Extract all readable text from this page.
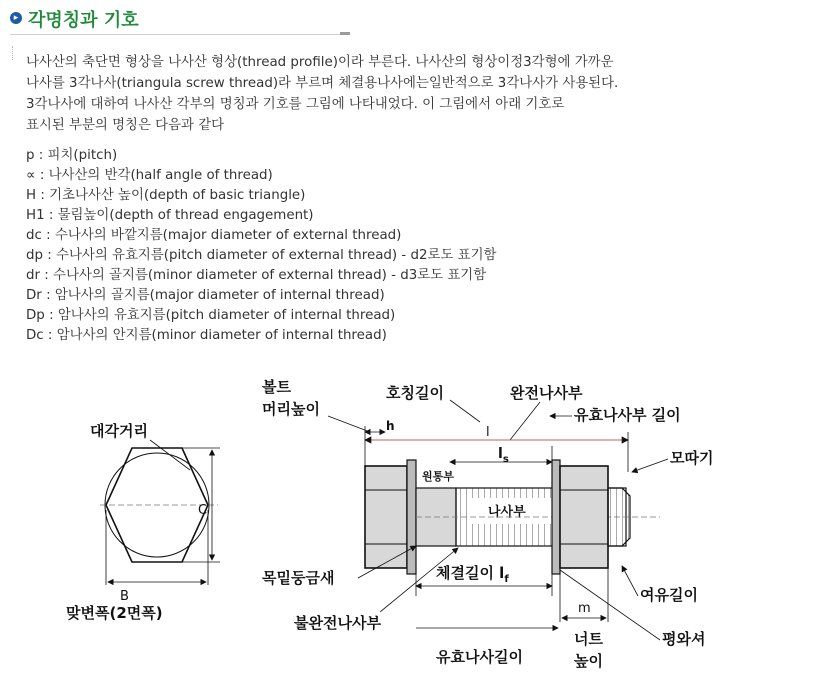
▸ 각명칭과 기호

나사산의 축단면 형상을 나사산 형상(thread profile)이라 부른다. 나사산의 형상이정3각형에 가까운

나사를 3각나사(triangula screw thread)라 부르며 체결용나사에는일반적으로 3각나사가 사용된다.

3각나사에 대하여 나사산 각부의 명칭과 기호를 그림에 나타내었다. 이 그림에서 아래 기호로

표시된 부분의 명칭은 다음과 같다

p : 피치(pitch)
∝ : 나사산의 반각(half angle of thread)
H : 기초나사산 높이(depth of basic triangle)
H1 : 물림높이(depth of thread engagement)
dc : 수나사의 바깥지름(major diameter of external thread)
dp : 수나사의 유효지름(pitch diameter of external thread) - d2로도 표기함
dr : 수나사의 골지름(minor diameter of external thread) - d3로도 표기함
Dr : 암나사의 골지름(major diameter of internal thread)
Dp : 암나사의 유효지름(pitch diameter of internal thread)
Dc : 암나사의 안지름(minor diameter of internal thread)
대각거리
C
B
맞변폭(2면폭)
볼트
머리높이
호칭길이	완전나사부
유효나사부 길이
모따기
h	l
$l_s$
원통부
나사부
목밑둥금새	체결길이 $l_f$
불완전나사부
여유길이
m
평와셔
너트
높이
유효나사길이
